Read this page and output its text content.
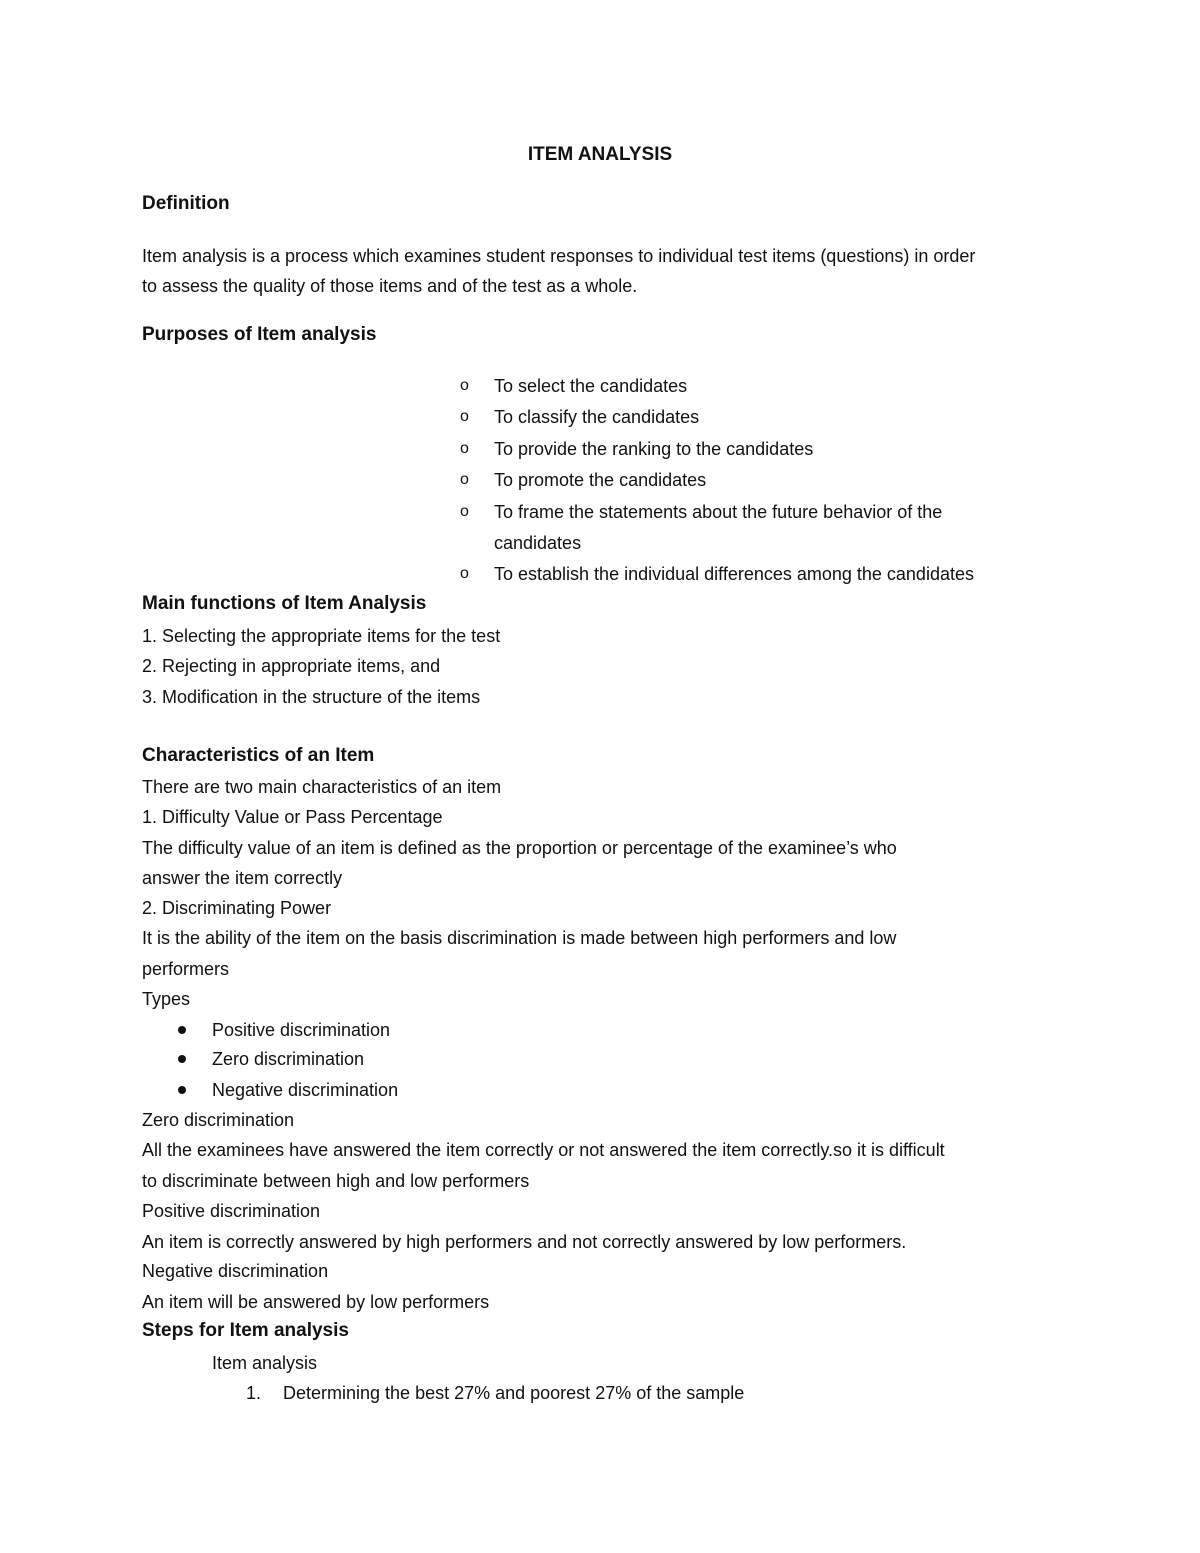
ITEM ANALYSIS
Definition

Item analysis is a process which examines student responses to individual test items (questions) in order

to assess the quality of those items and of the test as a whole.

Purposes of Item analysis
o To select the candidates

o To classify the candidates

o To provide the ranking to the candidates

o To promote the candidates

o To frame the statements about the future behavior of the

candidates

o To establish the individual differences among the candidates

Main functions of Item Analysis

1. Selecting the appropriate items for the test

2. Rejecting in appropriate items, and

3. Modification in the structure of the items

Characteristics of an Item

There are two main characteristics of an item

1. Difficulty Value or Pass Percentage

The difficulty value of an item is defined as the proportion or percentage of the examinee’s who

answer the item correctly

2. Discriminating Power

It is the ability of the item on the basis discrimination is made between high performers and low

performers

Types

Positive discrimination

Zero discrimination

Negative discrimination

Zero discrimination

All the examinees have answered the item correctly or not answered the item correctly.so it is difficult

to discriminate between high and low performers

Positive discrimination

An item is correctly answered by high performers and not correctly answered by low performers.

Negative discrimination

An item will be answered by low performers

Steps for Item analysis

Item analysis

1. Determining the best 27% and poorest 27% of the sample
